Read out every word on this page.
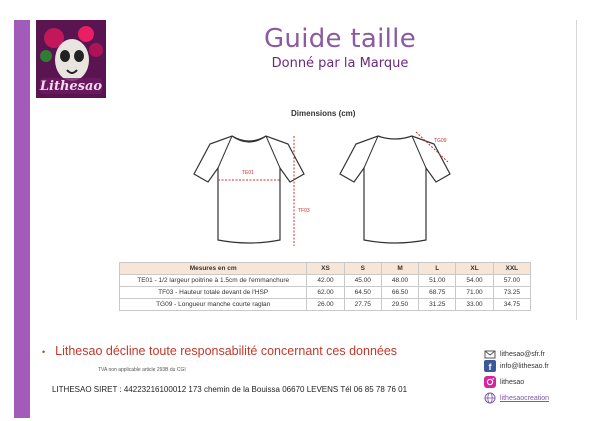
Lithesao
Guide taille
Donné par la Marque
Dimensions (cm)
TE01
TF03
TG09
Mesures en cm	XS	S	M	L	XL	XXL
TE01 - 1/2 largeur poitrine à 1.5cm de l'emmanchure	42.00	45.00	48.00	51.00	54.00	57.00
TF03 - Hauteur totale devant de l'HSP	62.00	64.50	66.50	68.75	71.00	73.25
TG09 - Longueur manche courte raglan	26.00	27.75	29.50	31.25	33.00	34.75
• Lithesao décline toute responsabilité concernant ces données
TVA non applicable article 293B du CGI
LITHESAO SIRET : 44223216100012 173 chemin de la Bouissa 06670 LEVENS Tél 06 85 78 76 01
lithesao@sfr.fr
f info@lithesao.fr
lithesao
lithesaocreation
